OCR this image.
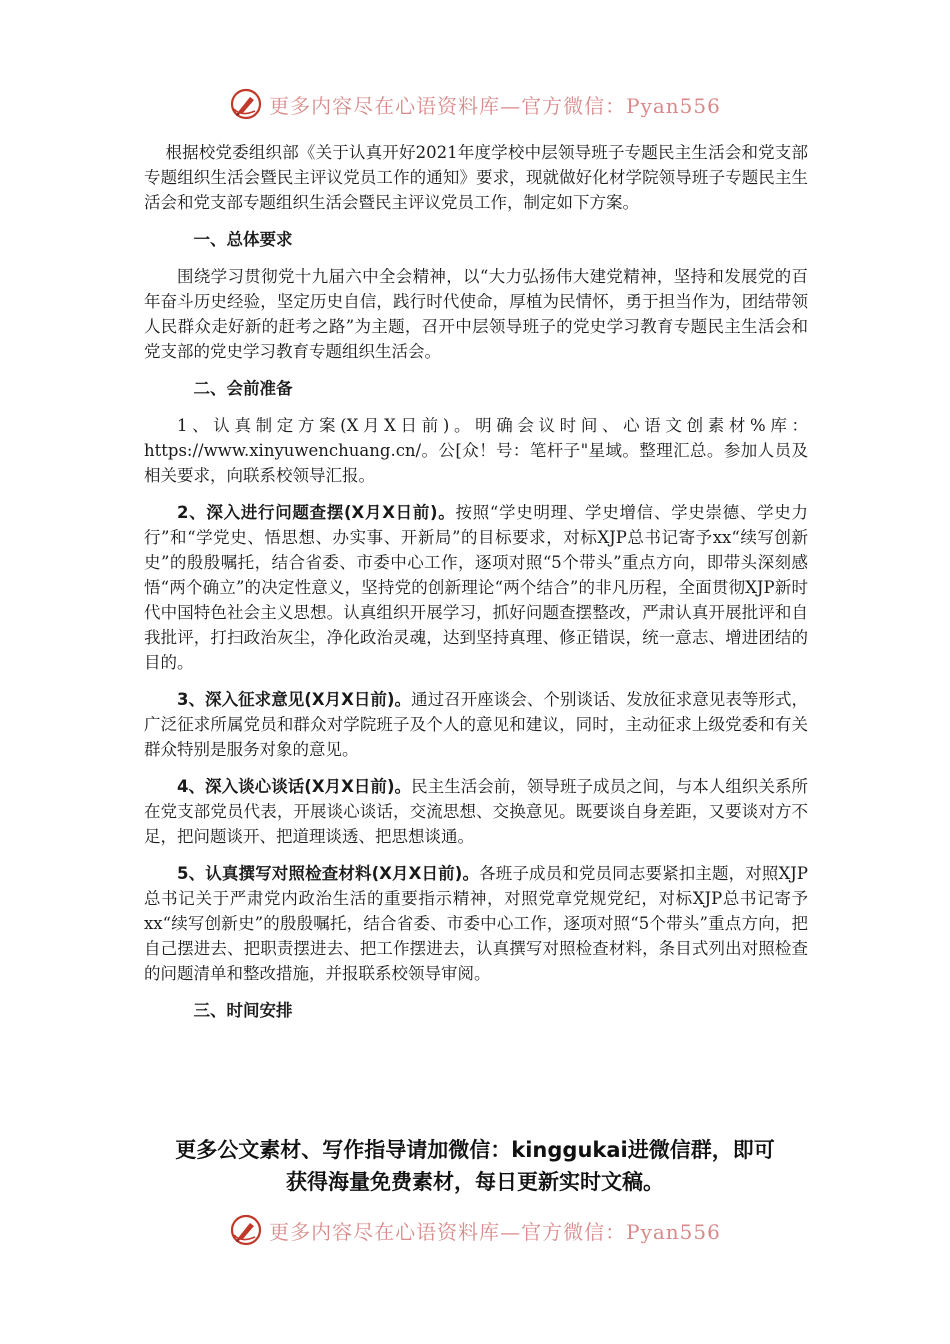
更多内容尽在心语资料库—官方微信：Pyan556

根据校党委组织部《关于认真开好2021年度学校中层领导班子专题民主生活会和党支部专题组织生活会暨民主评议党员工作的通知》要求，现就做好化材学院领导班子专题民主生活会和党支部专题组织生活会暨民主评议党员工作，制定如下方案。

一、总体要求

围绕学习贯彻党十九届六中全会精神，以“大力弘扬伟大建党精神，坚持和发展党的百年奋斗历史经验，坚定历史自信，践行时代使命，厚植为民情怀，勇于担当作为，团结带领人民群众走好新的赶考之路”为主题，召开中层领导班子的党史学习教育专题民主生活会和党支部的党史学习教育专题组织生活会。

二、会前准备

1、认真制定方案(X月X日前)。明确会议时间、心语文创素材%库：https://www.xinyuwenchuang.cn/。公[众！号：笔杆子"星域。整理汇总。参加人员及相关要求，向联系校领导汇报。

2、深入进行问题查摆(X月X日前)。按照“学史明理、学史增信、学史崇德、学史力行”和“学党史、悟思想、办实事、开新局”的目标要求，对标XJP总书记寄予xx“续写创新史”的殷殷嘱托，结合省委、市委中心工作，逐项对照“5个带头”重点方向，即带头深刻感悟“两个确立”的决定性意义，坚持党的创新理论“两个结合”的非凡历程，全面贯彻XJP新时代中国特色社会主义思想。认真组织开展学习，抓好问题查摆整改，严肃认真开展批评和自我批评，打扫政治灰尘，净化政治灵魂，达到坚持真理、修正错误，统一意志、增进团结的目的。

3、深入征求意见(X月X日前)。通过召开座谈会、个别谈话、发放征求意见表等形式，广泛征求所属党员和群众对学院班子及个人的意见和建议，同时，主动征求上级党委和有关群众特别是服务对象的意见。

4、深入谈心谈话(X月X日前)。民主生活会前，领导班子成员之间，与本人组织关系所在党支部党员代表，开展谈心谈话，交流思想、交换意见。既要谈自身差距，又要谈对方不足，把问题谈开、把道理谈透、把思想谈通。

5、认真撰写对照检查材料(X月X日前)。各班子成员和党员同志要紧扣主题，对照XJP总书记关于严肃党内政治生活的重要指示精神，对照党章党规党纪，对标XJP总书记寄予xx“续写创新史”的殷殷嘱托，结合省委、市委中心工作，逐项对照“5个带头”重点方向，把自己摆进去、把职责摆进去、把工作摆进去，认真撰写对照检查材料，条目式列出对照检查的问题清单和整改措施，并报联系校领导审阅。

三、时间安排

更多公文素材、写作指导请加微信：kinggukai进微信群，即可
获得海量免费素材，每日更新实时文稿。
更多内容尽在心语资料库—官方微信：Pyan556
